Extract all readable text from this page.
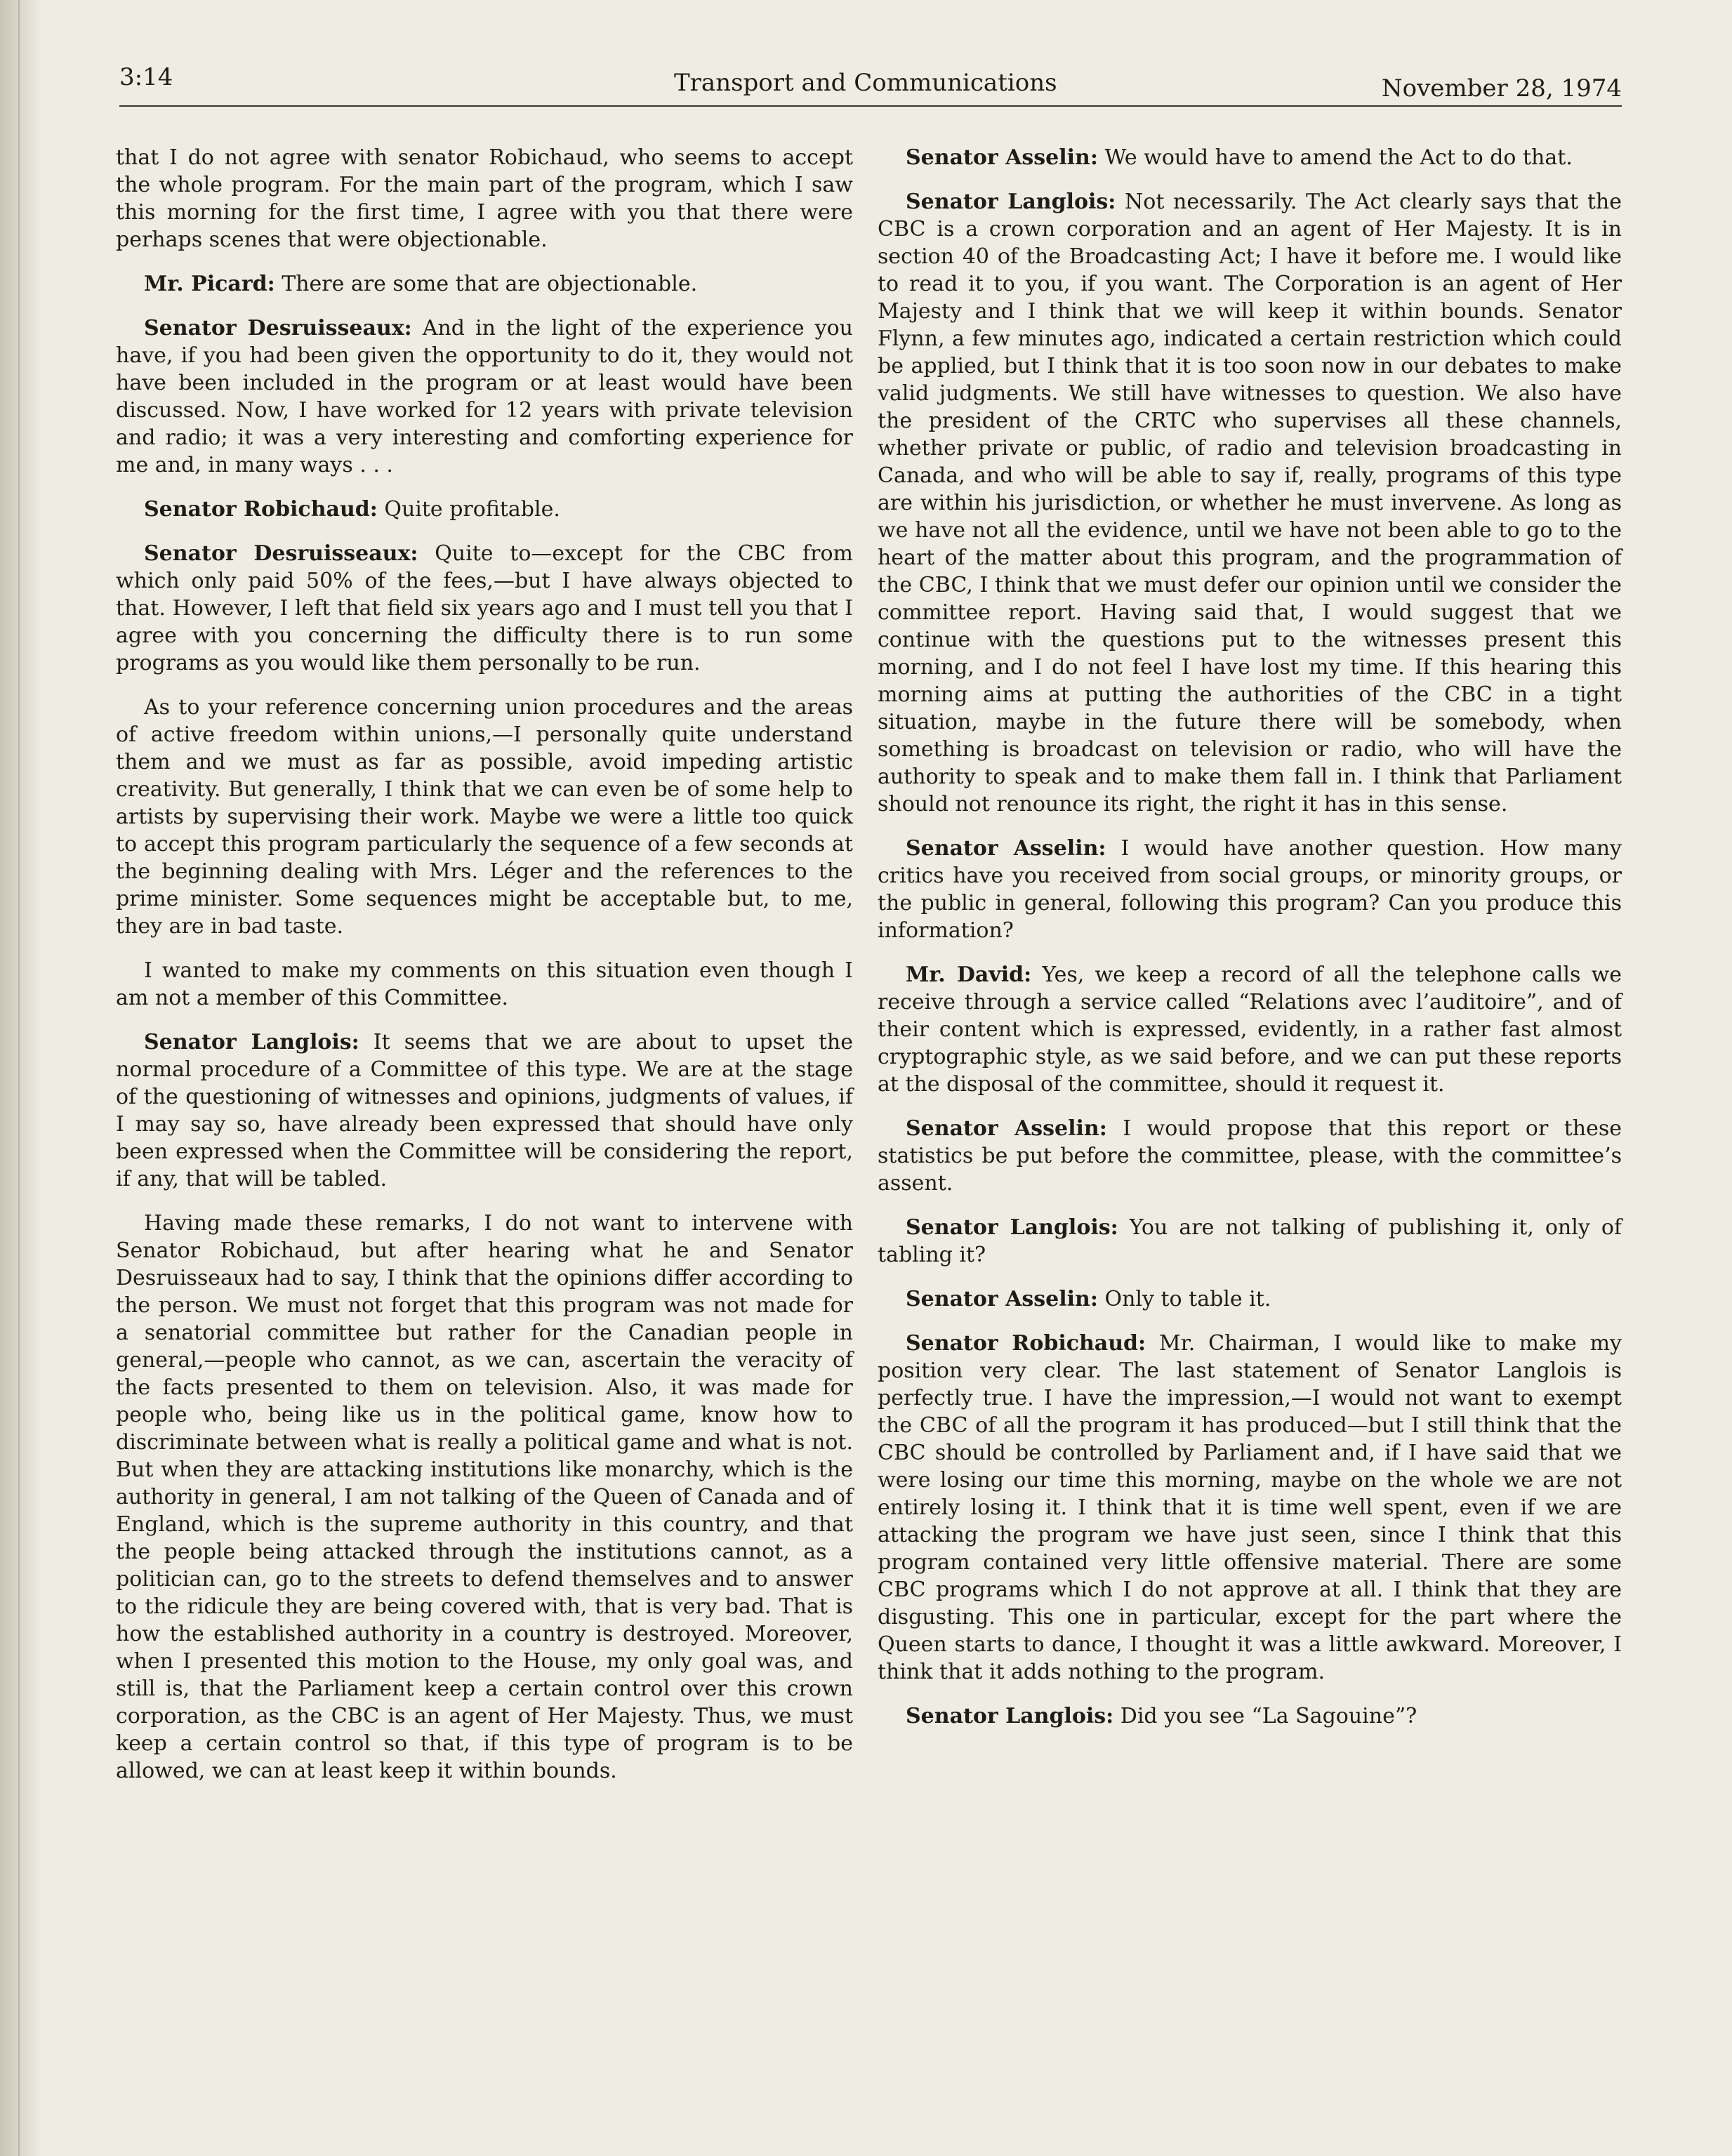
3:14	Transport and Communications	November 28, 1974

that I do not agree with senator Robichaud, who seems to accept the whole program. For the main part of the program, which I saw this morning for the first time, I agree with you that there were perhaps scenes that were objectionable.

Mr. Picard: There are some that are objectionable.

Senator Desruisseaux: And in the light of the experience you have, if you had been given the opportunity to do it, they would not have been included in the program or at least would have been discussed. Now, I have worked for 12 years with private television and radio; it was a very interesting and comforting experience for me and, in many ways . . .

Senator Robichaud: Quite profitable.

Senator Desruisseaux: Quite to—except for the CBC from which only paid 50% of the fees,—but I have always objected to that. However, I left that field six years ago and I must tell you that I agree with you concerning the difficulty there is to run some programs as you would like them personally to be run.

As to your reference concerning union procedures and the areas of active freedom within unions,—I personally quite understand them and we must as far as possible, avoid impeding artistic creativity. But generally, I think that we can even be of some help to artists by supervising their work. Maybe we were a little too quick to accept this program particularly the sequence of a few seconds at the beginning dealing with Mrs. Léger and the references to the prime minister. Some sequences might be acceptable but, to me, they are in bad taste.

I wanted to make my comments on this situation even though I am not a member of this Committee.

Senator Langlois: It seems that we are about to upset the normal procedure of a Committee of this type. We are at the stage of the questioning of witnesses and opinions, judgments of values, if I may say so, have already been expressed that should have only been expressed when the Committee will be considering the report, if any, that will be tabled.

Having made these remarks, I do not want to intervene with Senator Robichaud, but after hearing what he and Senator Desruisseaux had to say, I think that the opinions differ according to the person. We must not forget that this program was not made for a senatorial committee but rather for the Canadian people in general,—people who cannot, as we can, ascertain the veracity of the facts presented to them on television. Also, it was made for people who, being like us in the political game, know how to discriminate between what is really a political game and what is not. But when they are attacking institutions like monarchy, which is the authority in general, I am not talking of the Queen of Canada and of England, which is the supreme authority in this country, and that the people being attacked through the institutions cannot, as a politician can, go to the streets to defend themselves and to answer to the ridicule they are being covered with, that is very bad. That is how the established authority in a country is destroyed. Moreover, when I presented this motion to the House, my only goal was, and still is, that the Parliament keep a certain control over this crown corporation, as the CBC is an agent of Her Majesty. Thus, we must keep a certain control so that, if this type of program is to be allowed, we can at least keep it within bounds.

Senator Asselin: We would have to amend the Act to do that.

Senator Langlois: Not necessarily. The Act clearly says that the CBC is a crown corporation and an agent of Her Majesty. It is in section 40 of the Broadcasting Act; I have it before me. I would like to read it to you, if you want. The Corporation is an agent of Her Majesty and I think that we will keep it within bounds. Senator Flynn, a few minutes ago, indicated a certain restriction which could be applied, but I think that it is too soon now in our debates to make valid judgments. We still have witnesses to question. We also have the president of the CRTC who supervises all these channels, whether private or public, of radio and television broadcasting in Canada, and who will be able to say if, really, programs of this type are within his jurisdiction, or whether he must invervene. As long as we have not all the evidence, until we have not been able to go to the heart of the matter about this program, and the programmation of the CBC, I think that we must defer our opinion until we consider the committee report. Having said that, I would suggest that we continue with the questions put to the witnesses present this morning, and I do not feel I have lost my time. If this hearing this morning aims at putting the authorities of the CBC in a tight situation, maybe in the future there will be somebody, when something is broadcast on television or radio, who will have the authority to speak and to make them fall in. I think that Parliament should not renounce its right, the right it has in this sense.

Senator Asselin: I would have another question. How many critics have you received from social groups, or minority groups, or the public in general, following this program? Can you produce this information?

Mr. David: Yes, we keep a record of all the telephone calls we receive through a service called “Relations avec l’auditoire”, and of their content which is expressed, evidently, in a rather fast almost cryptographic style, as we said before, and we can put these reports at the disposal of the committee, should it request it.

Senator Asselin: I would propose that this report or these statistics be put before the committee, please, with the committee’s assent.

Senator Langlois: You are not talking of publishing it, only of tabling it?

Senator Asselin: Only to table it.

Senator Robichaud: Mr. Chairman, I would like to make my position very clear. The last statement of Senator Langlois is perfectly true. I have the impression,—I would not want to exempt the CBC of all the program it has produced—but I still think that the CBC should be controlled by Parliament and, if I have said that we were losing our time this morning, maybe on the whole we are not entirely losing it. I think that it is time well spent, even if we are attacking the program we have just seen, since I think that this program contained very little offensive material. There are some CBC programs which I do not approve at all. I think that they are disgusting. This one in particular, except for the part where the Queen starts to dance, I thought it was a little awkward. Moreover, I think that it adds nothing to the program.

Senator Langlois: Did you see “La Sagouine”?
